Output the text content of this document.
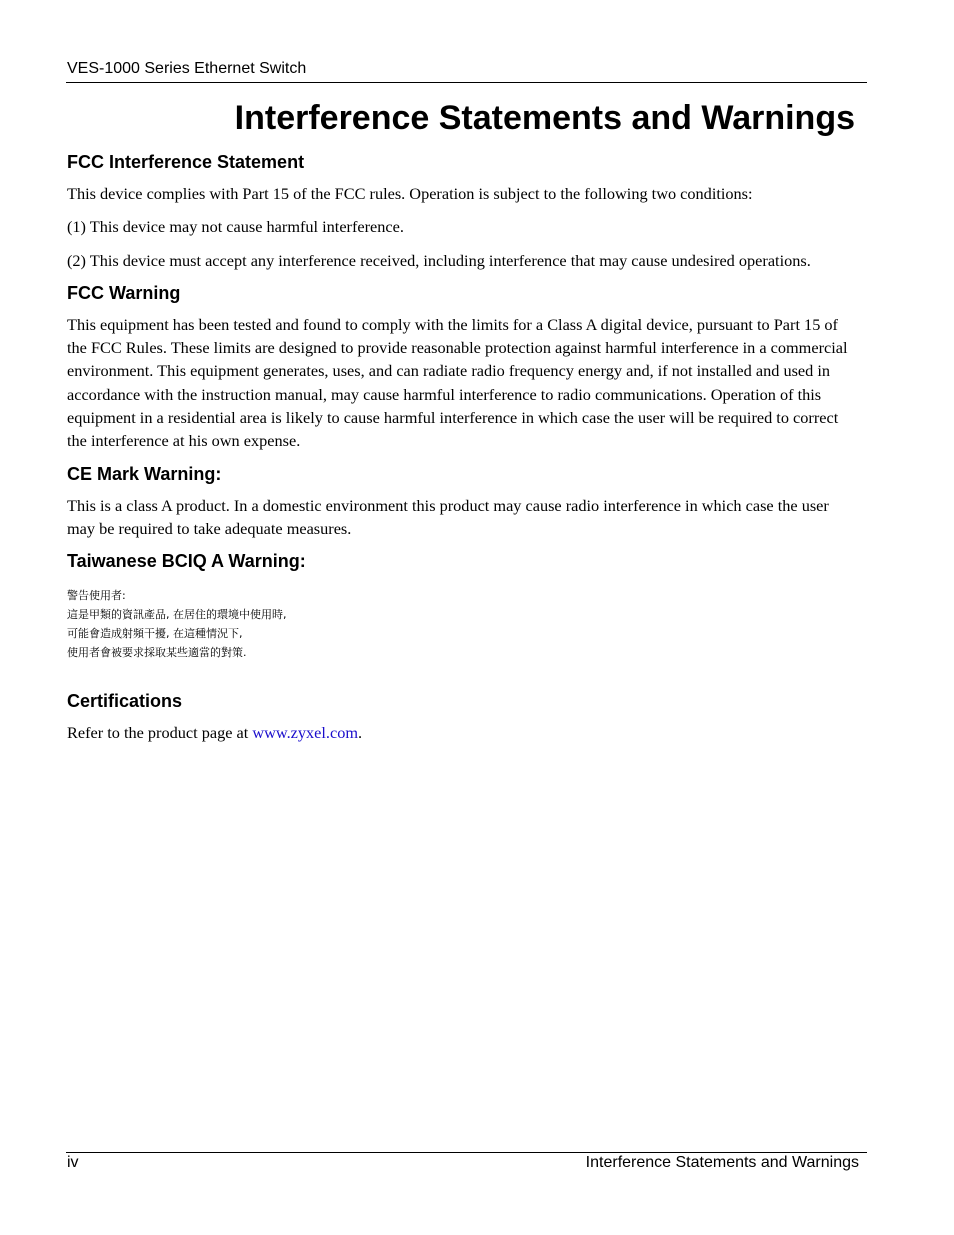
VES-1000 Series Ethernet Switch
Interference Statements and Warnings
FCC Interference Statement

This device complies with Part 15 of the FCC rules. Operation is subject to the following two conditions:

(1) This device may not cause harmful interference.

(2) This device must accept any interference received, including interference that may cause undesired operations.

FCC Warning

This equipment has been tested and found to comply with the limits for a Class A digital device, pursuant to Part 15 of the FCC Rules. These limits are designed to provide reasonable protection against harmful interference in a commercial environment. This equipment generates, uses, and can radiate radio frequency energy and, if not installed and used in accordance with the instruction manual, may cause harmful interference to radio communications. Operation of this equipment in a residential area is likely to cause harmful interference in which case the user will be required to correct the interference at his own expense.

CE Mark Warning:

This is a class A product. In a domestic environment this product may cause radio interference in which case the user may be required to take adequate measures.

Taiwanese BCIQ A Warning:
警告使用者:
這是甲類的資訊產品, 在居住的環境中使用時,
可能會造成射頻干擾, 在這種情況下,
使用者會被要求採取某些適當的對策.
Certifications

Refer to the product page at www.zyxel.com.

iv	Interference Statements and Warnings
